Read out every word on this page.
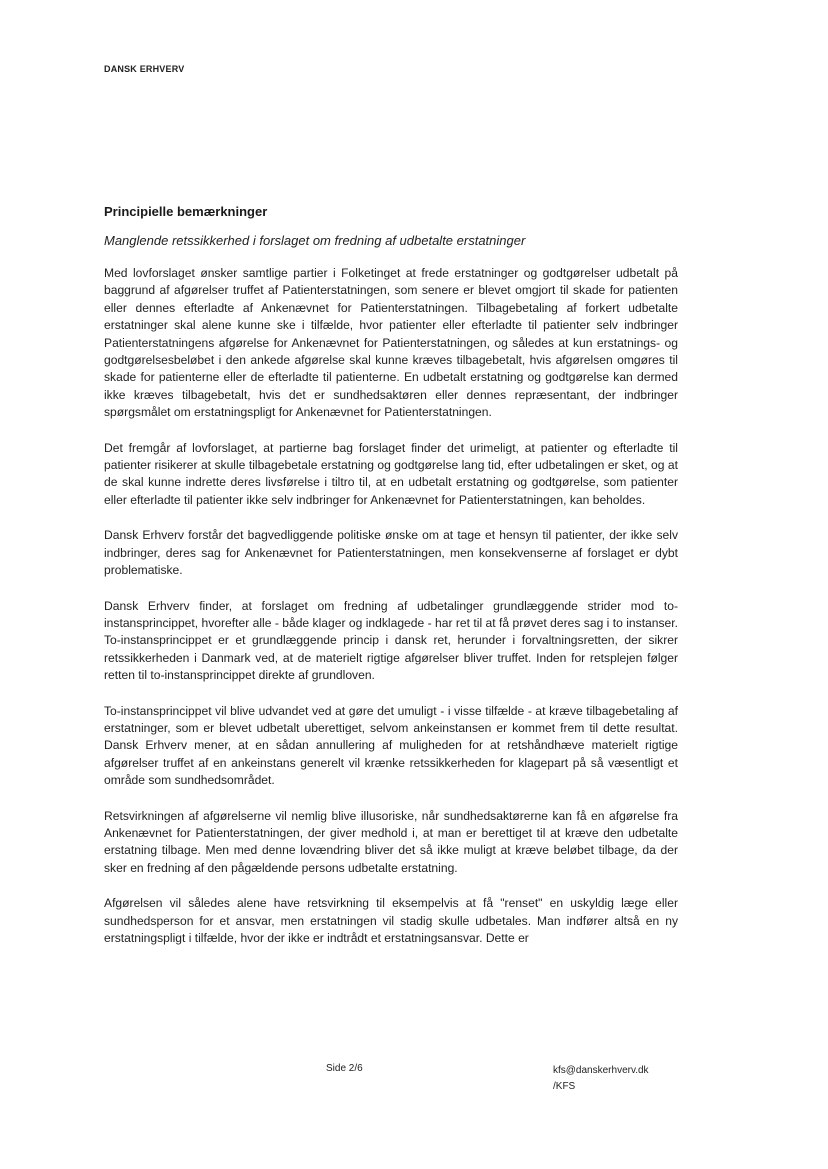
DANSK ERHVERV
Principielle bemærkninger
Manglende retssikkerhed i forslaget om fredning af udbetalte erstatninger

Med lovforslaget ønsker samtlige partier i Folketinget at frede erstatninger og godtgørelser udbetalt på baggrund af afgørelser truffet af Patienterstatningen, som senere er blevet omgjort til skade for patienten eller dennes efterladte af Ankenævnet for Patienterstatningen. Tilbagebetaling af forkert udbetalte erstatninger skal alene kunne ske i tilfælde, hvor patienter eller efterladte til patienter selv indbringer Patienterstatningens afgørelse for Ankenævnet for Patienterstatningen, og således at kun erstatnings- og godtgørelsesbeløbet i den ankede afgørelse skal kunne kræves tilbagebetalt, hvis afgørelsen omgøres til skade for patienterne eller de efterladte til patienterne. En udbetalt erstatning og godtgørelse kan dermed ikke kræves tilbagebetalt, hvis det er sundhedsaktøren eller dennes repræsentant, der indbringer spørgsmålet om erstatningspligt for Ankenævnet for Patienterstatningen.

Det fremgår af lovforslaget, at partierne bag forslaget finder det urimeligt, at patienter og efterladte til patienter risikerer at skulle tilbagebetale erstatning og godtgørelse lang tid, efter udbetalingen er sket, og at de skal kunne indrette deres livsførelse i tiltro til, at en udbetalt erstatning og godtgørelse, som patienter eller efterladte til patienter ikke selv indbringer for Ankenævnet for Patienterstatningen, kan beholdes.

Dansk Erhverv forstår det bagvedliggende politiske ønske om at tage et hensyn til patienter, der ikke selv indbringer, deres sag for Ankenævnet for Patienterstatningen, men konsekvenserne af forslaget er dybt problematiske.

Dansk Erhverv finder, at forslaget om fredning af udbetalinger grundlæggende strider mod to-instansprincippet, hvorefter alle - både klager og indklagede - har ret til at få prøvet deres sag i to instanser. To-instansprincippet er et grundlæggende princip i dansk ret, herunder i forvaltningsretten, der sikrer retssikkerheden i Danmark ved, at de materielt rigtige afgørelser bliver truffet. Inden for retsplejen følger retten til to-instansprincippet direkte af grundloven.

To-instansprincippet vil blive udvandet ved at gøre det umuligt - i visse tilfælde - at kræve tilbagebetaling af erstatninger, som er blevet udbetalt uberettiget, selvom ankeinstansen er kommet frem til dette resultat. Dansk Erhverv mener, at en sådan annullering af muligheden for at retshåndhæve materielt rigtige afgørelser truffet af en ankeinstans generelt vil krænke retssikkerheden for klagepart på så væsentligt et område som sundhedsområdet.

Retsvirkningen af afgørelserne vil nemlig blive illusoriske, når sundhedsaktørerne kan få en afgørelse fra Ankenævnet for Patienterstatningen, der giver medhold i, at man er berettiget til at kræve den udbetalte erstatning tilbage. Men med denne lovændring bliver det så ikke muligt at kræve beløbet tilbage, da der sker en fredning af den pågældende persons udbetalte erstatning.

Afgørelsen vil således alene have retsvirkning til eksempelvis at få "renset" en uskyldig læge eller sundhedsperson for et ansvar, men erstatningen vil stadig skulle udbetales. Man indfører altså en ny erstatningspligt i tilfælde, hvor der ikke er indtrådt et erstatningsansvar. Dette er

Side 2/6	kfs@danskerhverv.dk
/KFS
